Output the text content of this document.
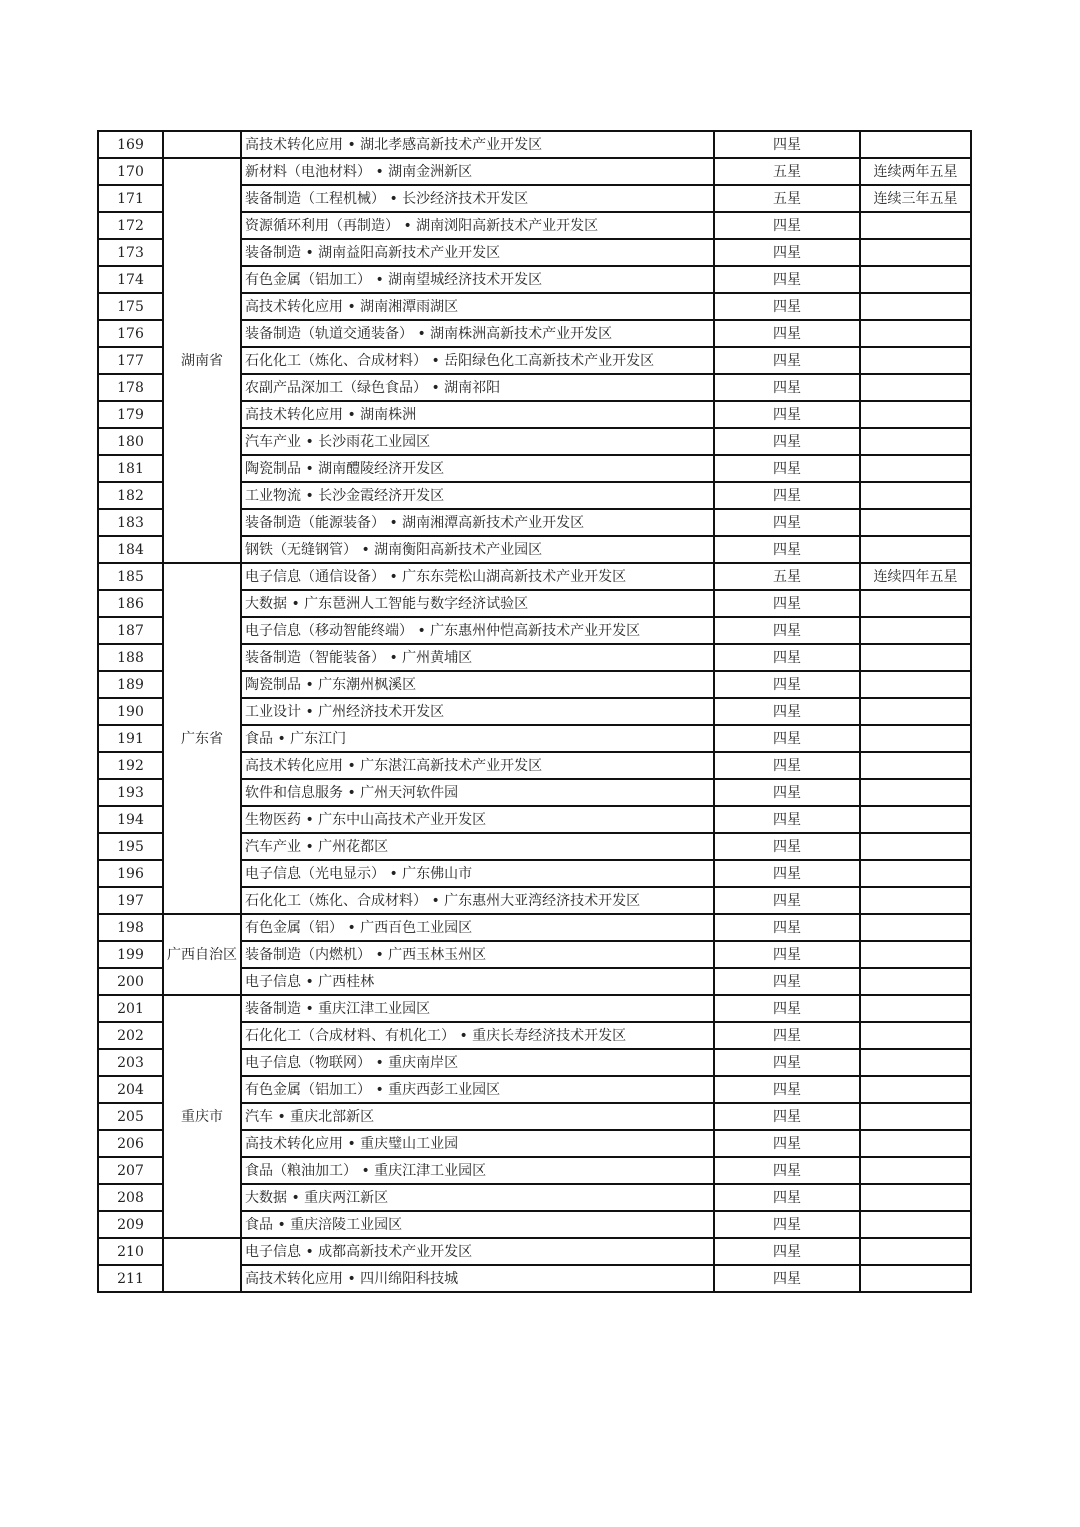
169		高技术转化应用 • 湖北孝感高新技术产业开发区	四星	
170	湖南省	新材料（电池材料） • 湖南金洲新区	五星	连续两年五星
171		装备制造（工程机械） • 长沙经济技术开发区	五星	连续三年五星
172		资源循环利用（再制造） • 湖南浏阳高新技术产业开发区	四星	
173		装备制造 • 湖南益阳高新技术产业开发区	四星	
174		有色金属（铝加工） • 湖南望城经济技术开发区	四星	
175		高技术转化应用 • 湖南湘潭雨湖区	四星	
176		装备制造（轨道交通装备） • 湖南株洲高新技术产业开发区	四星	
177		石化化工（炼化、合成材料） • 岳阳绿色化工高新技术产业开发区	四星	
178		农副产品深加工（绿色食品） • 湖南祁阳	四星	
179		高技术转化应用 • 湖南株洲	四星	
180		汽车产业 • 长沙雨花工业园区	四星	
181		陶瓷制品 • 湖南醴陵经济开发区	四星	
182		工业物流 • 长沙金霞经济开发区	四星	
183		装备制造（能源装备） • 湖南湘潭高新技术产业开发区	四星	
184		钢铁（无缝钢管） • 湖南衡阳高新技术产业园区	四星	
185	广东省	电子信息（通信设备） • 广东东莞松山湖高新技术产业开发区	五星	连续四年五星
186		大数据 • 广东琶洲人工智能与数字经济试验区	四星	
187		电子信息（移动智能终端） • 广东惠州仲恺高新技术产业开发区	四星	
188		装备制造（智能装备） • 广州黄埔区	四星	
189		陶瓷制品 • 广东潮州枫溪区	四星	
190		工业设计 • 广州经济技术开发区	四星	
191		食品 • 广东江门	四星	
192		高技术转化应用 • 广东湛江高新技术产业开发区	四星	
193		软件和信息服务 • 广州天河软件园	四星	
194		生物医药 • 广东中山高技术产业开发区	四星	
195		汽车产业 • 广州花都区	四星	
196		电子信息（光电显示） • 广东佛山市	四星	
197		石化化工（炼化、合成材料） • 广东惠州大亚湾经济技术开发区	四星	
198	广西自治区	有色金属（铝） • 广西百色工业园区	四星	
199		装备制造（内燃机） • 广西玉林玉州区	四星	
200		电子信息 • 广西桂林	四星	
201	重庆市	装备制造 • 重庆江津工业园区	四星	
202		石化化工（合成材料、有机化工） • 重庆长寿经济技术开发区	四星	
203		电子信息（物联网） • 重庆南岸区	四星	
204		有色金属（铝加工） • 重庆西彭工业园区	四星	
205		汽车 • 重庆北部新区	四星	
206		高技术转化应用 • 重庆璧山工业园	四星	
207		食品（粮油加工） • 重庆江津工业园区	四星	
208		大数据 • 重庆两江新区	四星	
209		食品 • 重庆涪陵工业园区	四星	
210		电子信息 • 成都高新技术产业开发区	四星	
211		高技术转化应用 • 四川绵阳科技城	四星	
